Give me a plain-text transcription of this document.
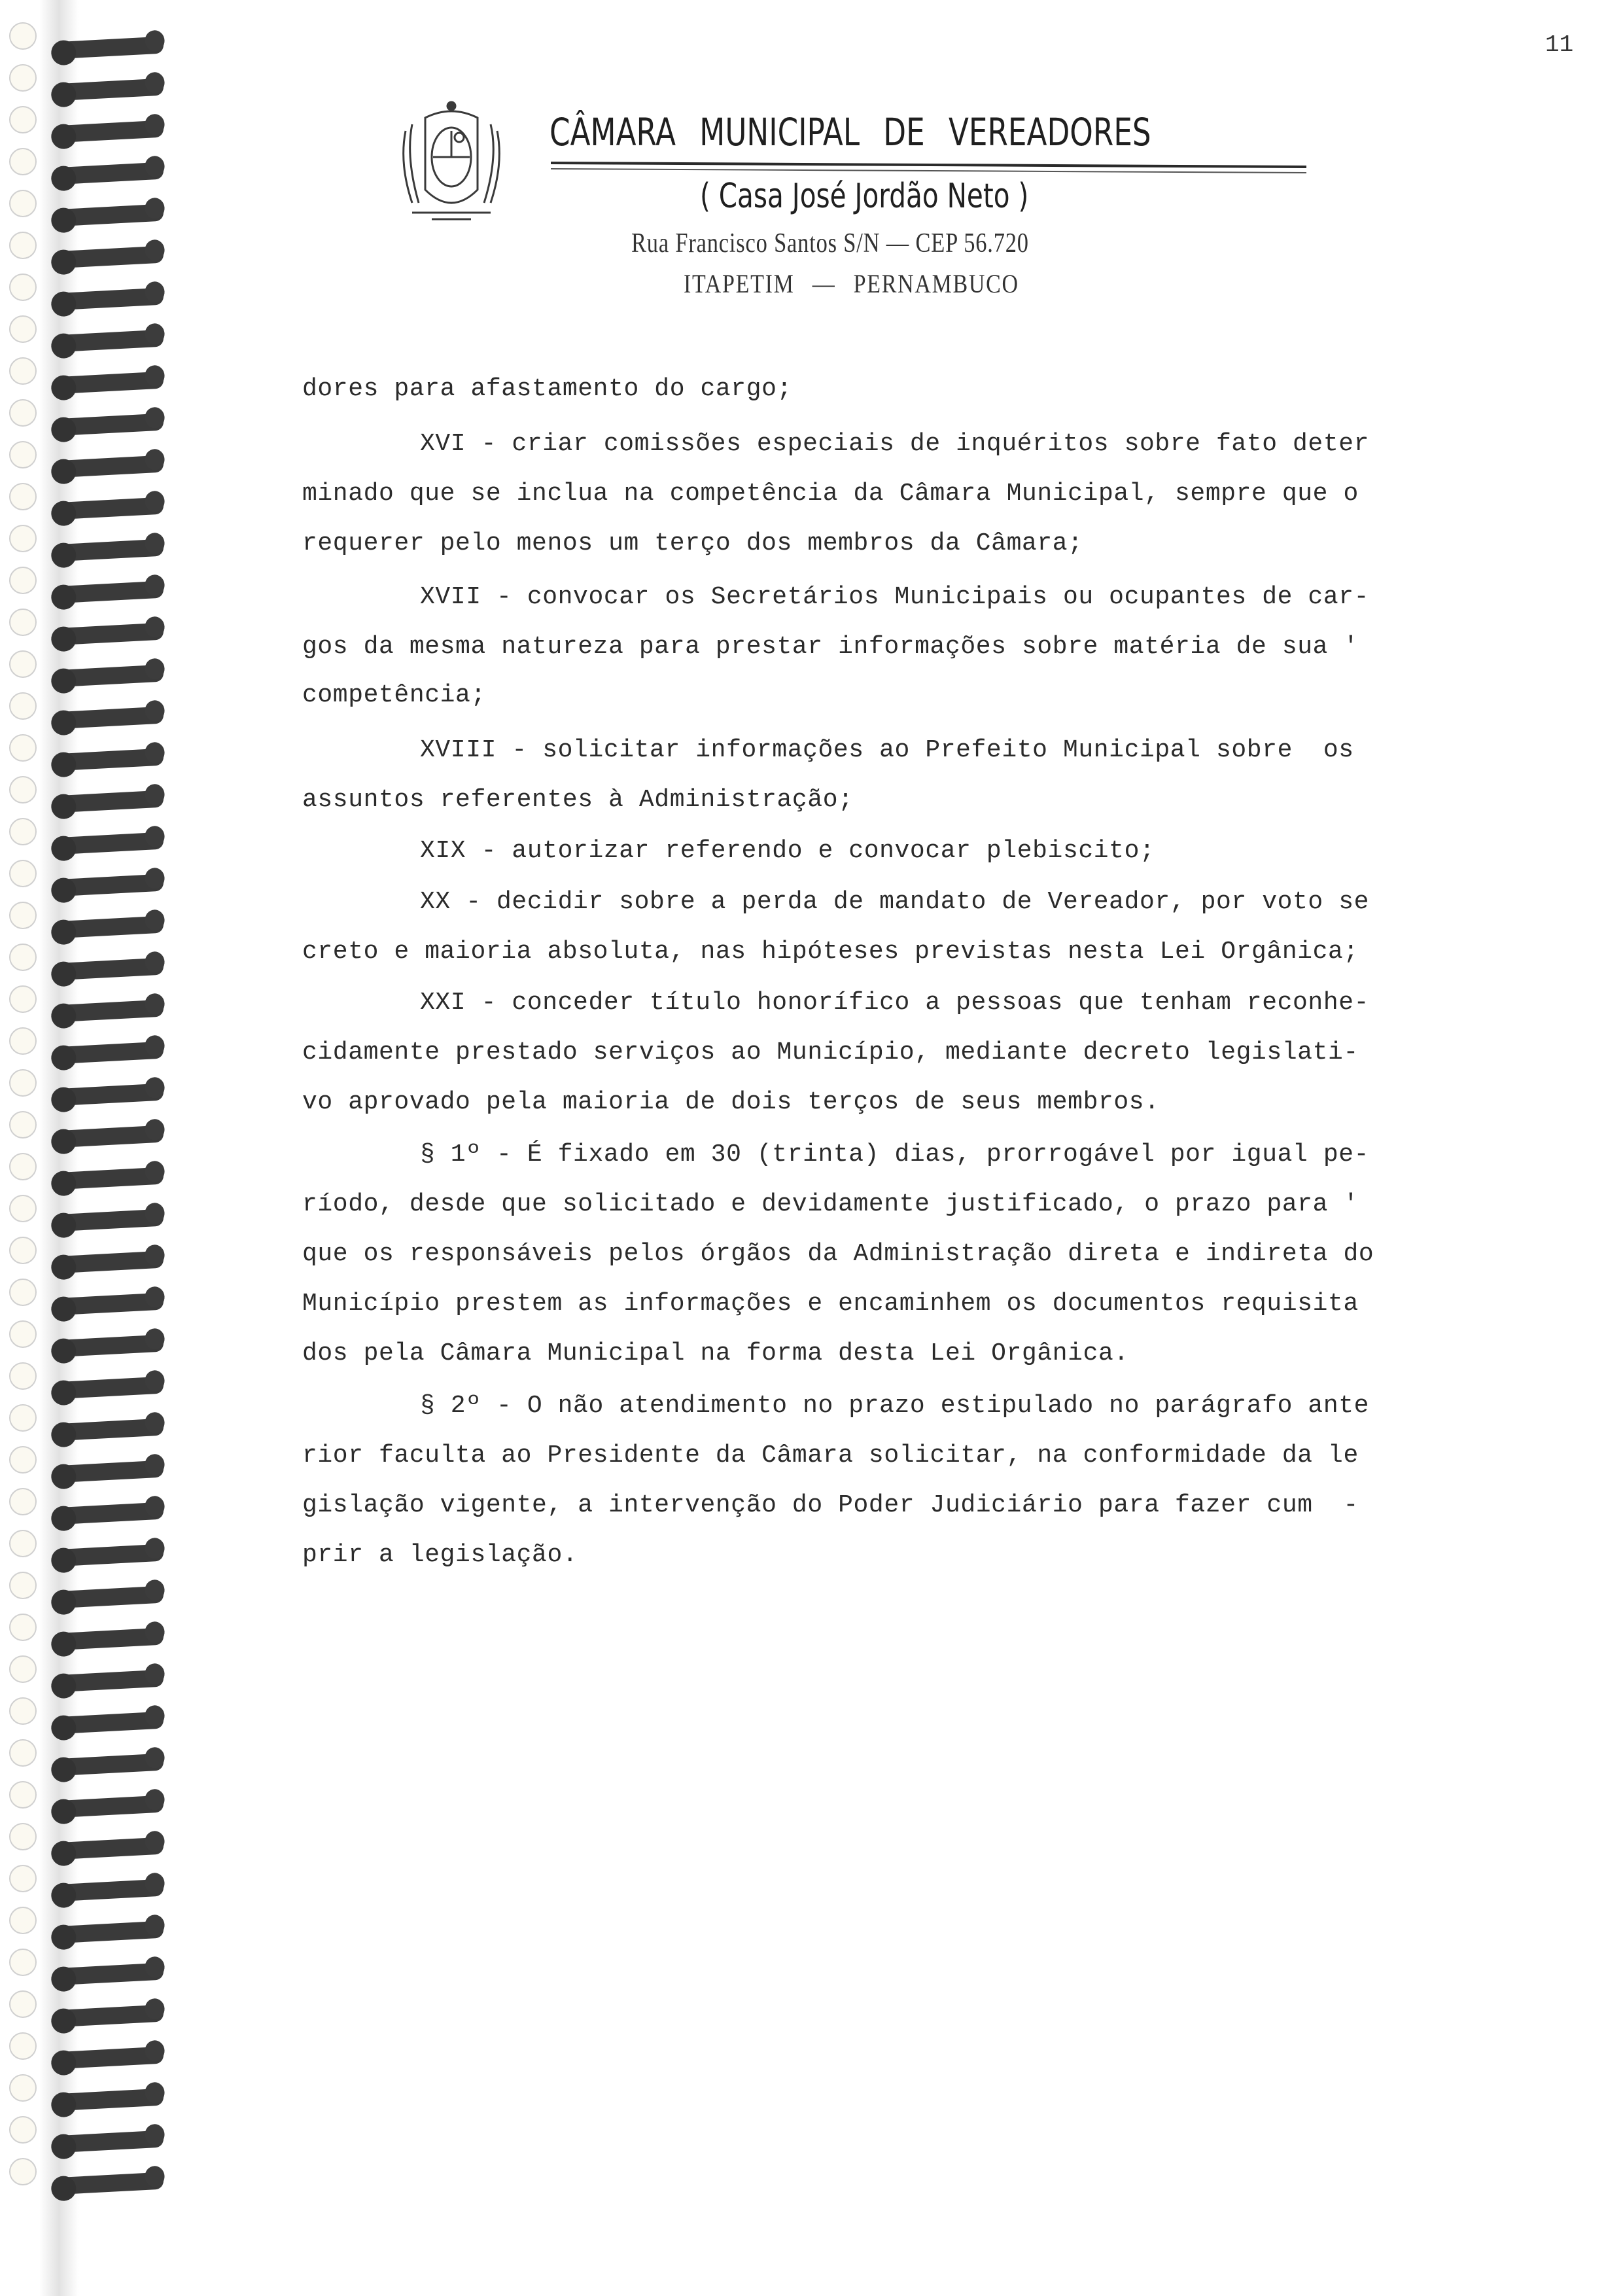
11
CÂMARA MUNICIPAL DE VEREADORES
( Casa José Jordão Neto )
Rua Francisco Santos S/N — CEP 56.720
ITAPETIM — PERNAMBUCO
dores para afastamento do cargo;
XVI - criar comissões especiais de inquéritos sobre fato deter
minado que se inclua na competência da Câmara Municipal, sempre que o
requerer pelo menos um terço dos membros da Câmara;
XVII - convocar os Secretários Municipais ou ocupantes de car-
gos da mesma natureza para prestar informações sobre matéria de sua '
competência;
XVIII - solicitar informações ao Prefeito Municipal sobre  os
assuntos referentes à Administração;
XIX - autorizar referendo e convocar plebiscito;
XX - decidir sobre a perda de mandato de Vereador, por voto se
creto e maioria absoluta, nas hipóteses previstas nesta Lei Orgânica;
XXI - conceder título honorífico a pessoas que tenham reconhe-
cidamente prestado serviços ao Município, mediante decreto legislati-
vo aprovado pela maioria de dois terços de seus membros.
§ 1º - É fixado em 30 (trinta) dias, prorrogável por igual pe-
ríodo, desde que solicitado e devidamente justificado, o prazo para '
que os responsáveis pelos órgãos da Administração direta e indireta do
Município prestem as informações e encaminhem os documentos requisita
dos pela Câmara Municipal na forma desta Lei Orgânica.
§ 2º - O não atendimento no prazo estipulado no parágrafo ante
rior faculta ao Presidente da Câmara solicitar, na conformidade da le
gislação vigente, a intervenção do Poder Judiciário para fazer cum  -
prir a legislação.
